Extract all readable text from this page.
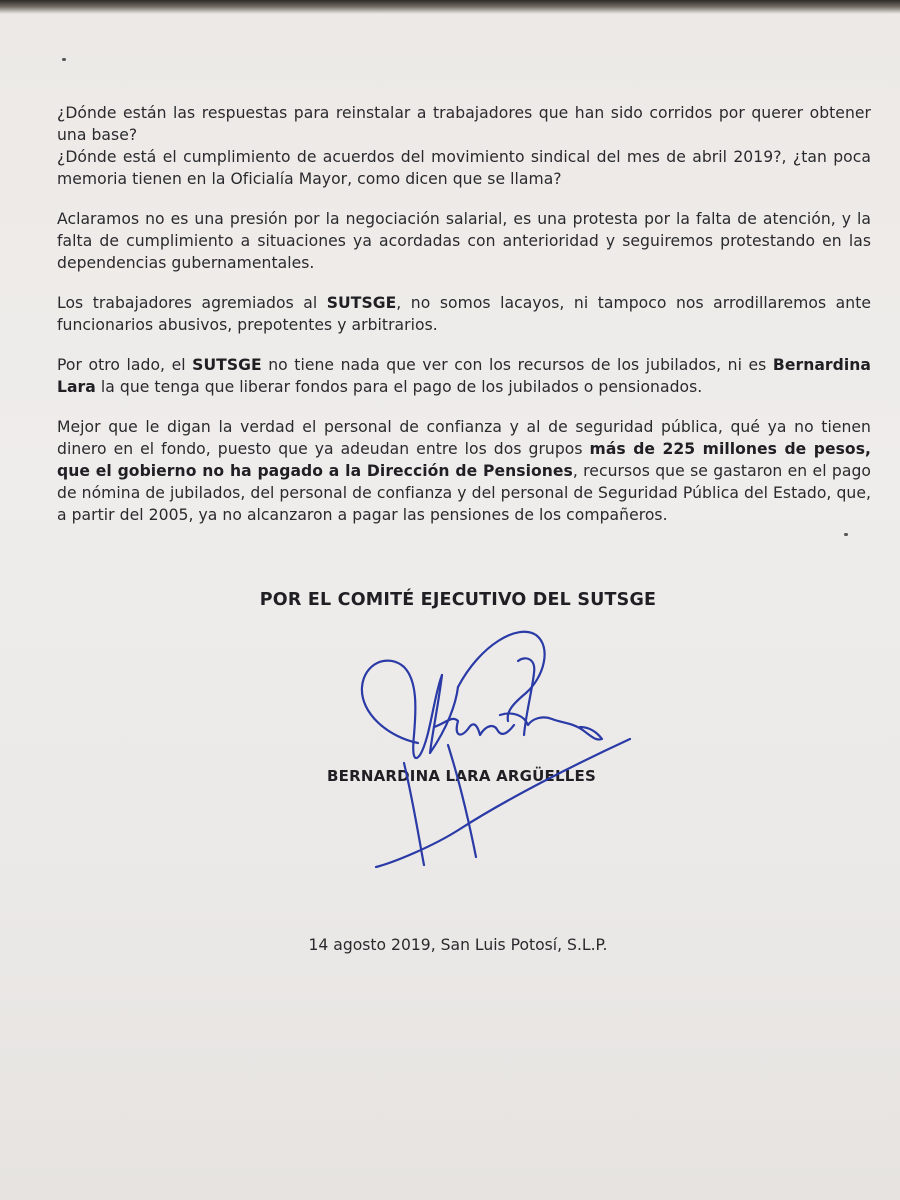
¿Dónde están las respuestas para reinstalar a trabajadores que han sido corridos por querer obtener una base?

¿Dónde está el cumplimiento de acuerdos del movimiento sindical del mes de abril 2019?, ¿tan poca memoria tienen en la Oficialía Mayor, como dicen que se llama?

Aclaramos no es una presión por la negociación salarial, es una protesta por la falta de atención, y la falta de cumplimiento a situaciones ya acordadas con anterioridad y seguiremos protestando en las dependencias gubernamentales.

Los trabajadores agremiados al SUTSGE, no somos lacayos, ni tampoco nos arrodillaremos ante funcionarios abusivos, prepotentes y arbitrarios.

Por otro lado, el SUTSGE no tiene nada que ver con los recursos de los jubilados, ni es Bernardina Lara la que tenga que liberar fondos para el pago de los jubilados o pensionados.

Mejor que le digan la verdad el personal de confianza y al de seguridad pública, qué ya no tienen dinero en el fondo, puesto que ya adeudan entre los dos grupos más de 225 millones de pesos, que el gobierno no ha pagado a la Dirección de Pensiones, recursos que se gastaron en el pago de nómina de jubilados, del personal de confianza y del personal de Seguridad Pública del Estado, que, a partir del 2005, ya no alcanzaron a pagar las pensiones de los compañeros.

POR EL COMITÉ EJECUTIVO DEL SUTSGE
BERNARDINA LARA ARGÜELLES
14 agosto 2019, San Luis Potosí, S.L.P.
